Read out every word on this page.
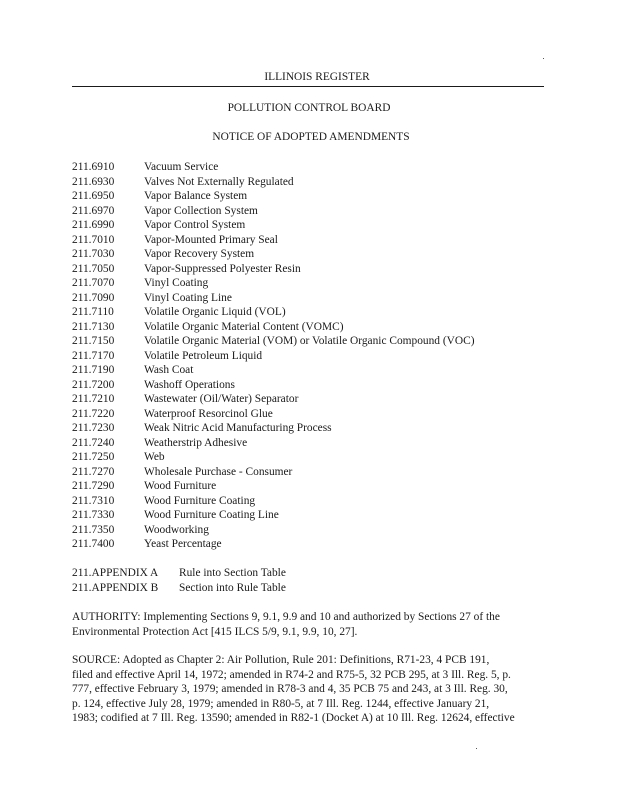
ILLINOIS REGISTER
POLLUTION CONTROL BOARD
NOTICE OF ADOPTED AMENDMENTS
211.6910	Vacuum Service
211.6930	Valves Not Externally Regulated
211.6950	Vapor Balance System
211.6970	Vapor Collection System
211.6990	Vapor Control System
211.7010	Vapor-Mounted Primary Seal
211.7030	Vapor Recovery System
211.7050	Vapor-Suppressed Polyester Resin
211.7070	Vinyl Coating
211.7090	Vinyl Coating Line
211.7110	Volatile Organic Liquid (VOL)
211.7130	Volatile Organic Material Content (VOMC)
211.7150	Volatile Organic Material (VOM) or Volatile Organic Compound (VOC)
211.7170	Volatile Petroleum Liquid
211.7190	Wash Coat
211.7200	Washoff Operations
211.7210	Wastewater (Oil/Water) Separator
211.7220	Waterproof Resorcinol Glue
211.7230	Weak Nitric Acid Manufacturing Process
211.7240	Weatherstrip Adhesive
211.7250	Web
211.7270	Wholesale Purchase - Consumer
211.7290	Wood Furniture
211.7310	Wood Furniture Coating
211.7330	Wood Furniture Coating Line
211.7350	Woodworking
211.7400	Yeast Percentage
211.APPENDIX A Rule into Section Table
211.APPENDIX B Section into Rule Table

AUTHORITY: Implementing Sections 9, 9.1, 9.9 and 10 and authorized by Sections 27 of the
Environmental Protection Act [415 ILCS 5/9, 9.1, 9.9, 10, 27].

SOURCE: Adopted as Chapter 2: Air Pollution, Rule 201: Definitions, R71-23, 4 PCB 191,
filed and effective April 14, 1972; amended in R74-2 and R75-5, 32 PCB 295, at 3 Ill. Reg. 5, p.
777, effective February 3, 1979; amended in R78-3 and 4, 35 PCB 75 and 243, at 3 Ill. Reg. 30,
p. 124, effective July 28, 1979; amended in R80-5, at 7 Ill. Reg. 1244, effective January 21,
1983; codified at 7 Ill. Reg. 13590; amended in R82-1 (Docket A) at 10 Ill. Reg. 12624, effective
